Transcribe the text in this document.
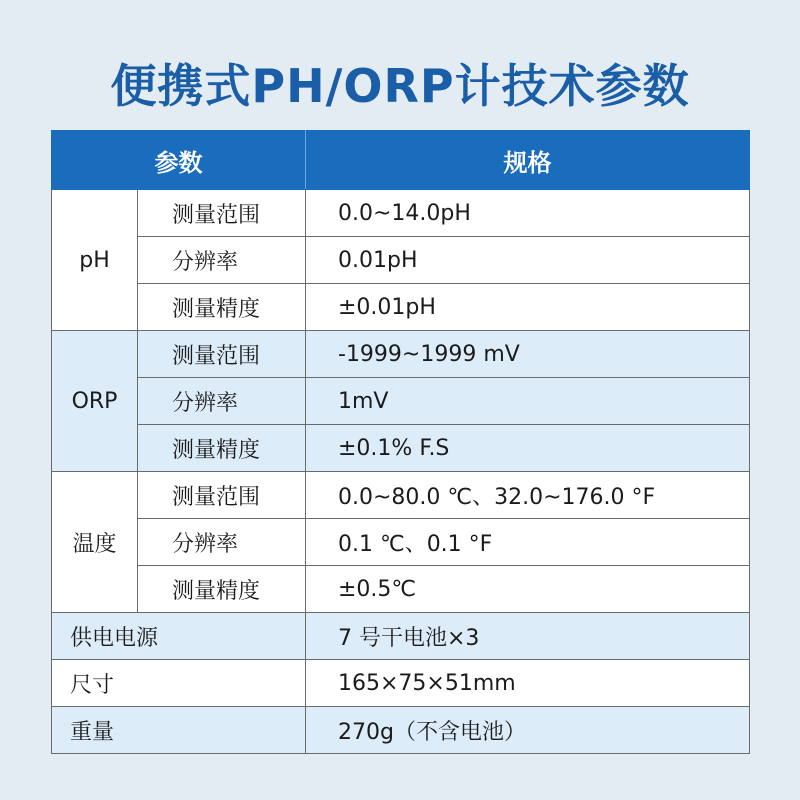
便携式PH/ORP计技术参数
参数		规格
pH	测量范围	0.0~14.0pH
	分辨率	0.01pH
	测量精度	±0.01pH
ORP	测量范围	-1999~1999 mV
	分辨率	1mV
	测量精度	±0.1% F.S
温度	测量范围	0.0~80.0 ℃、32.0~176.0 °F
	分辨率	0.1 ℃、0.1 °F
	测量精度	±0.5℃
供电电源		7 号干电池×3
尺寸		165×75×51mm
重量		270g（不含电池）
